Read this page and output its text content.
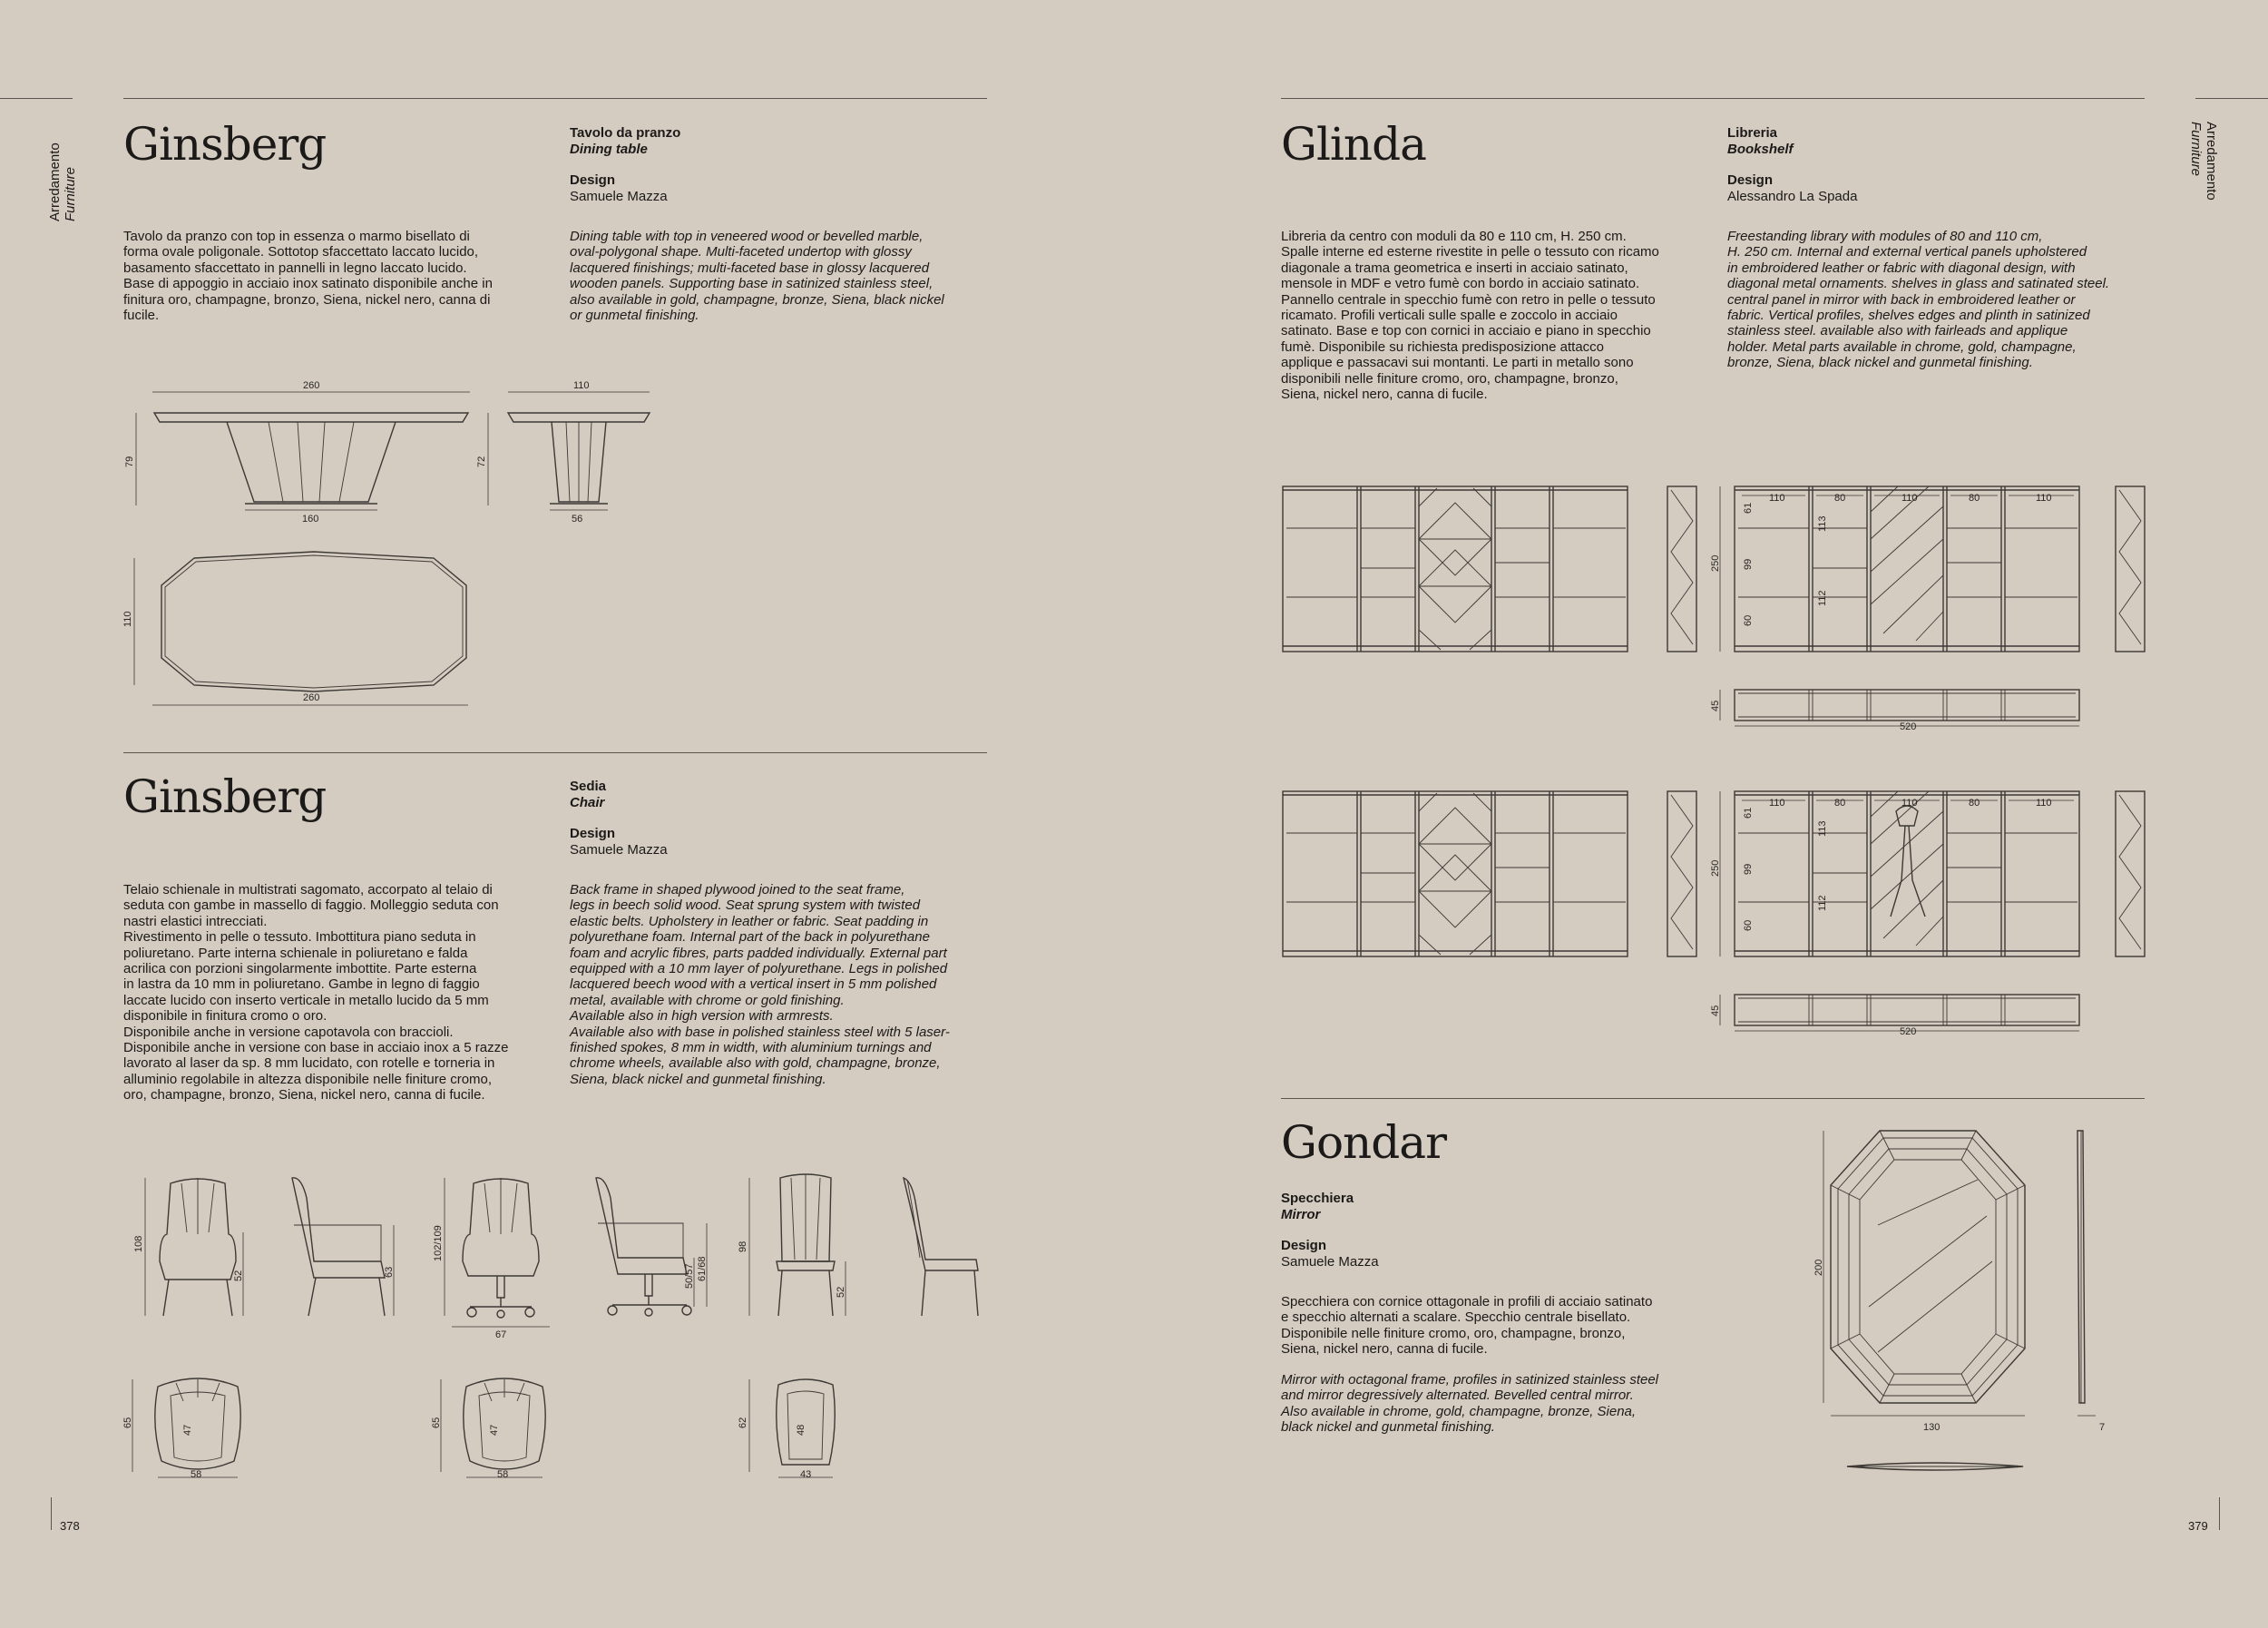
Arredamento Furniture
Ginsberg	Tavolo da pranzo
Dining table
Design
Samuele Mazza
Tavolo da pranzo con top in essenza o marmo bisellato di
forma ovale poligonale. Sottotop sfaccettato laccato lucido,
basamento sfaccettato in pannelli in legno laccato lucido.
Base di appoggio in acciaio inox satinato disponibile anche in
finitura oro, champagne, bronzo, Siena, nickel nero, canna di
fucile.
Dining table with top in veneered wood or bevelled marble,
oval-polygonal shape. Multi-faceted undertop with glossy
lacquered finishings; multi-faceted base in glossy lacquered
wooden panels. Supporting base in satinized stainless steel,
also available in gold, champagne, bronze, Siena, black nickel
or gunmetal finishing.
260
79
160
110
72
56
110
260
Ginsberg	Sedia
Chair
Design
Samuele Mazza
Telaio schienale in multistrati sagomato, accorpato al telaio di
seduta con gambe in massello di faggio. Molleggio seduta con
nastri elastici intrecciati.
Rivestimento in pelle o tessuto. Imbottitura piano seduta in
poliuretano. Parte interna schienale in poliuretano e falda
acrilica con porzioni singolarmente imbottite. Parte esterna
in lastra da 10 mm in poliuretano. Gambe in legno di faggio
laccate lucido con inserto verticale in metallo lucido da 5 mm
disponibile in finitura cromo o oro.
Disponibile anche in versione capotavola con braccioli.
Disponibile anche in versione con base in acciaio inox a 5 razze
lavorato al laser da sp. 8 mm lucidato, con rotelle e torneria in
alluminio regolabile in altezza disponibile nelle finiture cromo,
oro, champagne, bronzo, Siena, nickel nero, canna di fucile.
Back frame in shaped plywood joined to the seat frame,
legs in beech solid wood. Seat sprung system with twisted
elastic belts. Upholstery in leather or fabric. Seat padding in
polyurethane foam. Internal part of the back in polyurethane
foam and acrylic fibres, parts padded individually. External part
equipped with a 10 mm layer of polyurethane. Legs in polished
lacquered beech wood with a vertical insert in 5 mm polished
metal, available with chrome or gold finishing.
Available also in high version with armrests.
Available also with base in polished stainless steel with 5 laser-
finished spokes, 8 mm in width, with aluminium turnings and
chrome wheels, available also with gold, champagne, bronze,
Siena, black nickel and gunmetal finishing.
108
52	63
102/109
67
61/68
50/57
98
52
65
47
58
65
47
58
62
48
43
378
Arredamento
Furniture
Glinda	Libreria
Bookshelf
Design
Alessandro La Spada
Libreria da centro con moduli da 80 e 110 cm, H. 250 cm.
Spalle interne ed esterne rivestite in pelle o tessuto con ricamo
diagonale a trama geometrica e inserti in acciaio satinato,
mensole in MDF e vetro fumè con bordo in acciaio satinato.
Pannello centrale in specchio fumè con retro in pelle o tessuto
ricamato. Profili verticali sulle spalle e zoccolo in acciaio
satinato. Base e top con cornici in acciaio e piano in specchio
fumè. Disponibile su richiesta predisposizione attacco
applique e passacavi sui montanti. Le parti in metallo sono
disponibili nelle finiture cromo, oro, champagne, bronzo,
Siena, nickel nero, canna di fucile.
Freestanding library with modules of 80 and 110 cm,
H. 250 cm. Internal and external vertical panels upholstered
in embroidered leather or fabric with diagonal design, with
diagonal metal ornaments. shelves in glass and satinated steel.
central panel in mirror with back in embroidered leather or
fabric. Vertical profiles, shelves edges and plinth in satinized
stainless steel. available also with fairleads and applique
holder. Metal parts available in chrome, gold, champagne,
bronze, Siena, black nickel and gunmetal finishing.
250
110	80	110	80	110
61
99
60
113
112
45
520
250
110	80	110	80	110
61
99
60
113
112
45
520
Gondar
Specchiera
Mirror
Design
Samuele Mazza
Specchiera con cornice ottagonale in profili di acciaio satinato
e specchio alternati a scalare. Specchio centrale bisellato.
Disponibile nelle finiture cromo, oro, champagne, bronzo,
Siena, nickel nero, canna di fucile.
Mirror with octagonal frame, profiles in satinized stainless steel
and mirror degressively alternated. Bevelled central mirror.
Also available in chrome, gold, champagne, bronze, Siena,
black nickel and gunmetal finishing.
200
130	7
379
